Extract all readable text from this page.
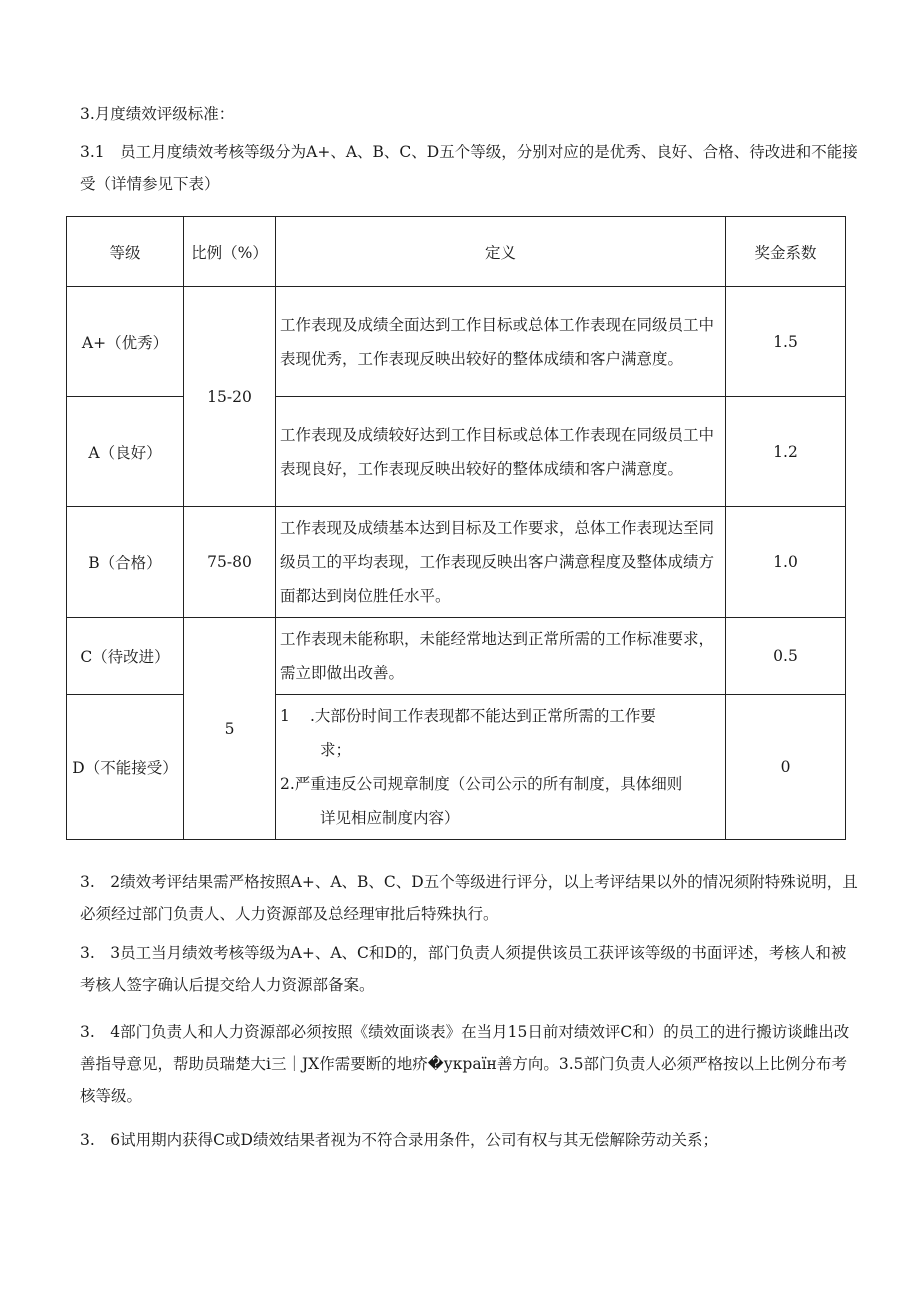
3.月度绩效评级标准：

3.1　员工月度绩效考核等级分为A+、A、B、C、D五个等级，分别对应的是优秀、良好、合格、待改进和不能接受（详情参见下表）

等级	比例（%）	定义	奖金系数
A+（优秀）	15-20	工作表现及成绩全面达到工作目标或总体工作表现在同级员工中表现优秀，工作表现反映出较好的整体成绩和客户满意度。	1.5
A（良好）		工作表现及成绩较好达到工作目标或总体工作表现在同级员工中表现良好，工作表现反映出较好的整体成绩和客户满意度。	1.2
B（合格）	75-80	工作表现及成绩基本达到目标及工作要求，总体工作表现达至同级员工的平均表现，工作表现反映出客户满意程度及整体成绩方面都达到岗位胜任水平。	1.0
C（待改进）	5	工作表现未能称职，未能经常地达到正常所需的工作标准要求，需立即做出改善。	0.5
D（不能接受）		1 .大部份时间工作表现都不能达到正常所需的工作要
求；
2.严重违反公司规章制度（公司公示的所有制度，具体细则
详见相应制度内容）	0

3.　2绩效考评结果需严格按照A+、A、B、C、D五个等级进行评分，以上考评结果以外的情况须附特殊说明，且必须经过部门负责人、人力资源部及总经理审批后特殊执行。

3.　3员工当月绩效考核等级为A+、A、C和D的，部门负责人须提供该员工获评该等级的书面评述，考核人和被考核人签字确认后提交给人力资源部备案。

3.　4部门负责人和人力资源部必须按照《绩效面谈表》在当月15日前对绩效评C和）的员工的进行搬访谈雌出改善指导意见，帮助员瑞楚大i三｜JX作需要断的地疥�україн善方向。3.5部门负责人必须严格按以上比例分布考核等级。

3.　6试用期内获得C或D绩效结果者视为不符合录用条件，公司有权与其无偿解除劳动关系；
